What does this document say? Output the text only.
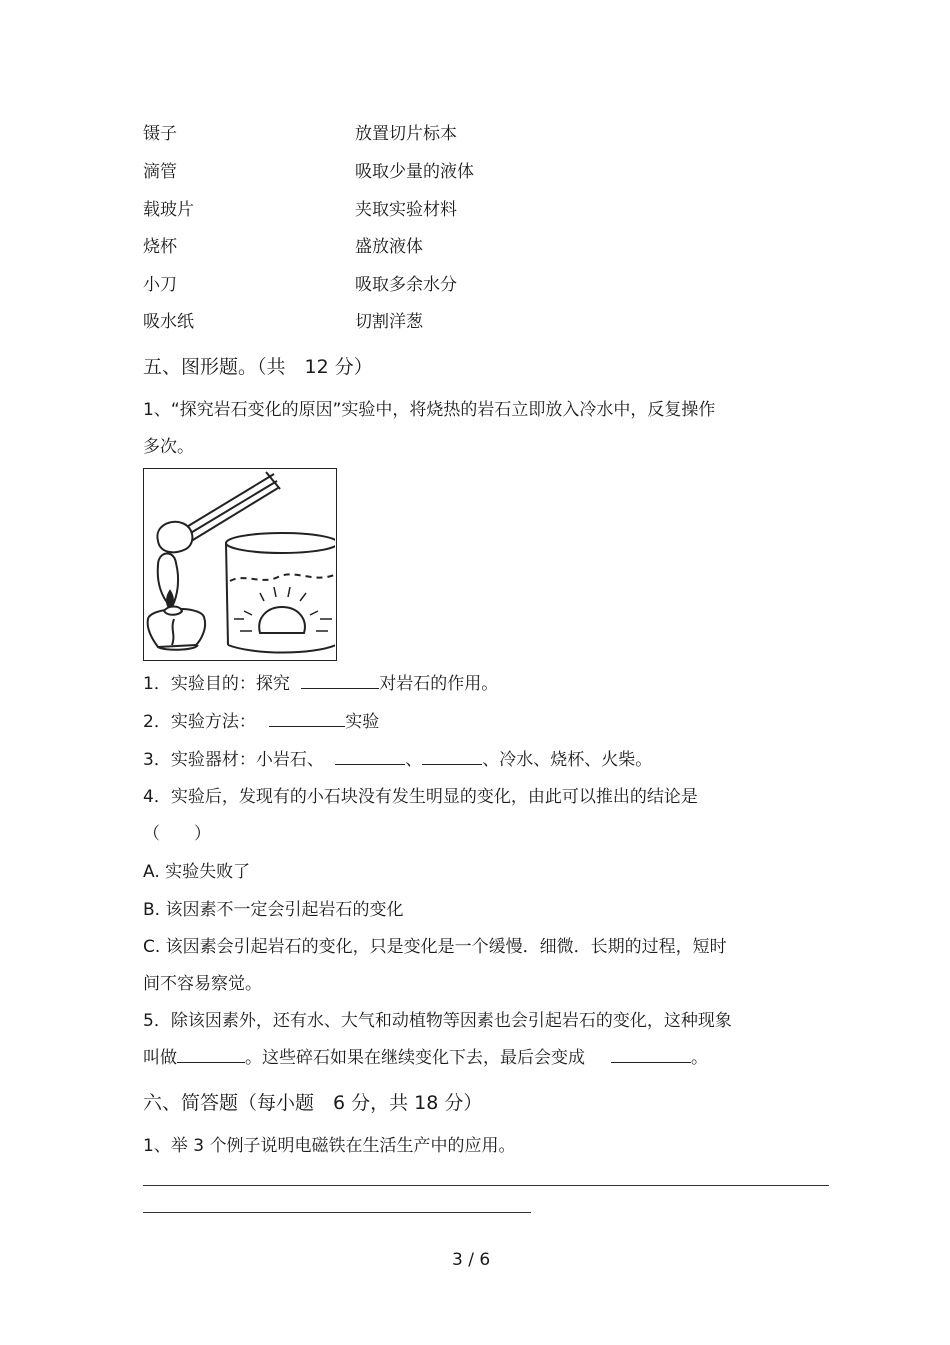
镊子	放置切片标本
滴管	吸取少量的液体
载玻片	夹取实验材料
烧杯	盛放液体
小刀	吸取多余水分
吸水纸	切割洋葱
五、图形题。（共　12 分）
1、“探究岩石变化的原因”实验中，将烧热的岩石立即放入冷水中，反复操作
多次。
1．实验目的：探究	对岩石的作用。
2．实验方法：	实验
3．实验器材：小岩石、	、	、冷水、烧杯、火柴。
4．实验后，发现有的小石块没有发生明显的变化，由此可以推出的结论是
（　　）
A. 实验失败了
B. 该因素不一定会引起岩石的变化
C. 该因素会引起岩石的变化，只是变化是一个缓慢．细微．长期的过程，短时
间不容易察觉。
5．除该因素外，还有水、大气和动植物等因素也会引起岩石的变化，这种现象
叫做	。这些碎石如果在继续变化下去，最后会变成	。
六、简答题（每小题　6 分，共 18 分）
1、举 3 个例子说明电磁铁在生活生产中的应用。
3 / 6
